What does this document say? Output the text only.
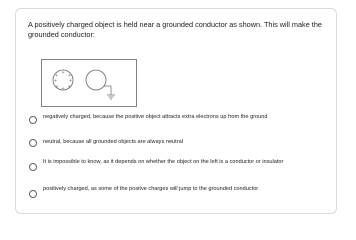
A positively charged object is held near a grounded conductor as shown. This will make the grounded conductor:
+
+ +
+	+
+ + +
negatively charged, because the positive object attracts extra electrons up from the ground
neutral, because all grounded objects are always neutral
It is impossible to know, as it depends on whether the object on the left is a conductor or insulator
positively charged, as some of the positve charges will jump to the grounded conductor
